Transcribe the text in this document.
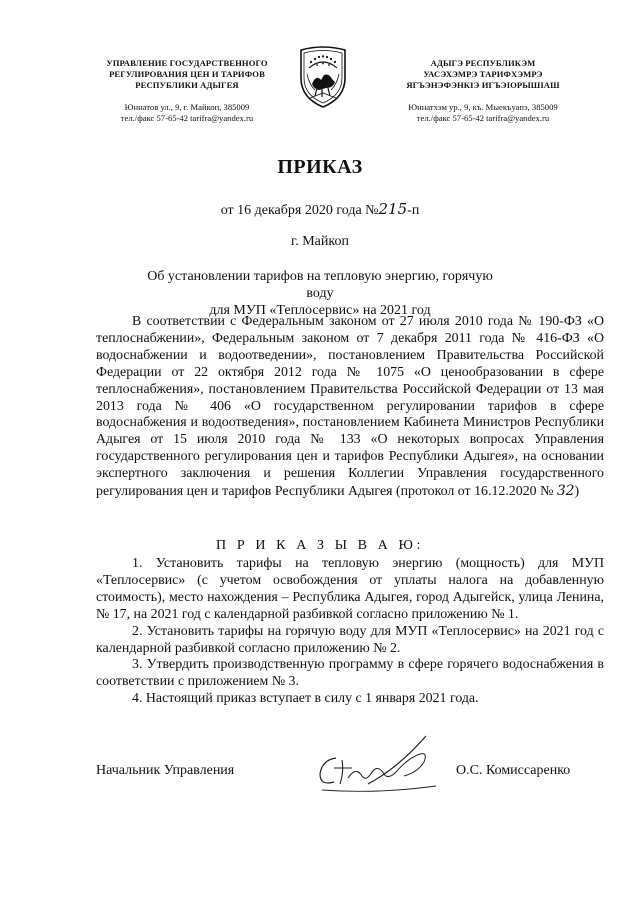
УПРАВЛЕНИЕ ГОСУДАРСТВЕННОГО
РЕГУЛИРОВАНИЯ ЦЕН И ТАРИФОВ
РЕСПУБЛИКИ АДЫГЕЯ
Юннатов ул., 9, г. Майкоп, 385009
тел./факс 57-65-42 tarifra@yandex.ru
АДЫГЭ РЕСПУБЛИКЭМ
УАСЭХЭМРЭ ТАРИФХЭМРЭ
ЯГЪЭНЭФЭНКIЭ ИГЪЭIОРЫШIАШ
Юннатхэм ур., 9, къ. Мыекъуапэ, 385009
тел./факс 57-65-42 tarifra@yandex.ru
ПРИКАЗ
от 16 декабря 2020 года №215-п
г. Майкоп
Об установлении тарифов на тепловую энергию, горячую воду
для МУП «Теплосервис» на 2021 год

В соответствии с Федеральным законом от 27 июля 2010 года № 190-ФЗ «О теплоснабжении», Федеральным законом от 7 декабря 2011 года № 416-ФЗ «О водоснабжении и водоотведении», постановлением Правительства Российской Федерации от 22 октября 2012 года № 1075 «О ценообразовании в сфере теплоснабжения», постановлением Правительства Российской Федерации от 13 мая 2013 года № 406 «О государственном регулировании тарифов в сфере водоснабжения и водоотведения», постановлением Кабинета Министров Республики Адыгея от 15 июля 2010 года № 133 «О некоторых вопросах Управления государственного регулирования цен и тарифов Республики Адыгея», на основании экспертного заключения и решения Коллегии Управления государственного регулирования цен и тарифов Республики Адыгея (протокол от 16.12.2020 № 32)

П Р И К А З Ы В А Ю:

1. Установить тарифы на тепловую энергию (мощность) для МУП «Теплосервис» (с учетом освобождения от уплаты налога на добавленную стоимость), место нахождения – Республика Адыгея, город Адыгейск, улица Ленина, № 17, на 2021 год с календарной разбивкой согласно приложению № 1.

2. Установить тарифы на горячую воду для МУП «Теплосервис» на 2021 год с календарной разбивкой согласно приложению № 2.

3. Утвердить производственную программу в сфере горячего водоснабжения в соответствии с приложением № 3.

4. Настоящий приказ вступает в силу с 1 января 2021 года.

Начальник Управления	О.С. Комиссаренко
